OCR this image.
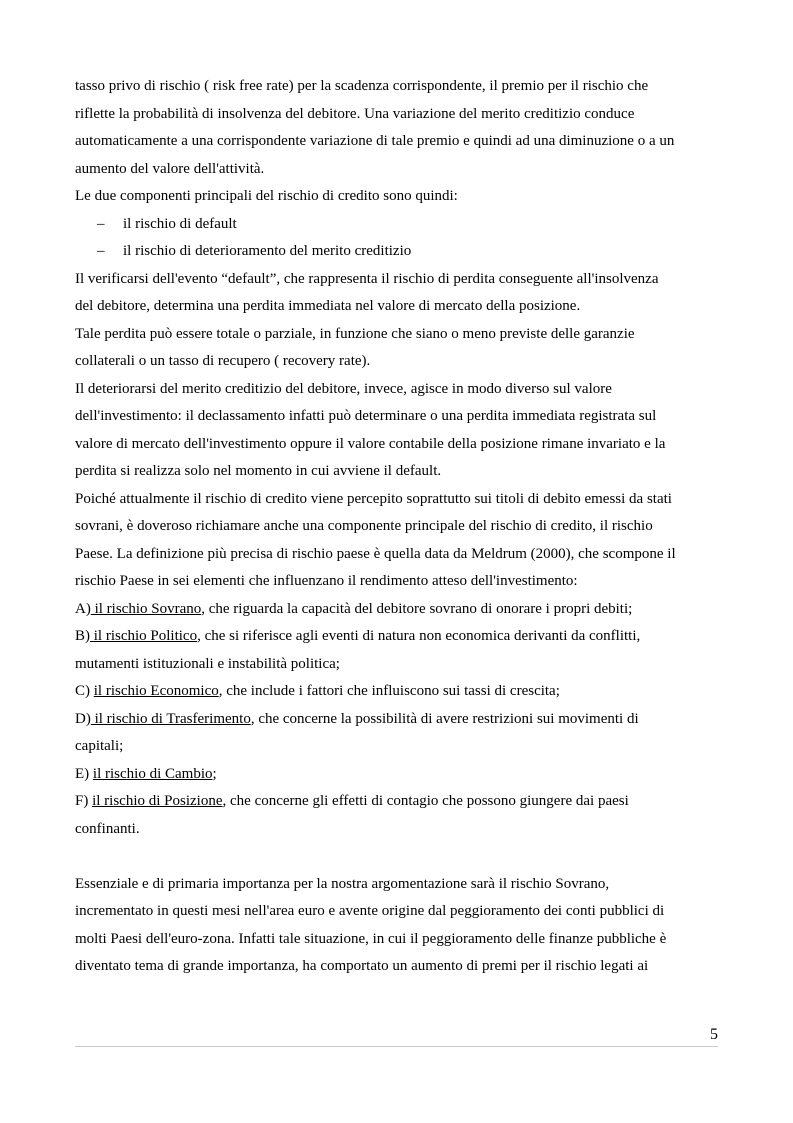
tasso privo di rischio ( risk free rate) per la scadenza corrispondente, il premio per il rischio che
riflette la probabilità di insolvenza del debitore. Una variazione del merito creditizio conduce
automaticamente a una corrispondente variazione di tale premio e quindi ad una diminuzione o a un
aumento del valore dell'attività.
Le due componenti principali del rischio di credito sono quindi:
– il rischio di default
– il rischio di deterioramento del merito creditizio
Il verificarsi dell'evento “default”, che rappresenta il rischio di perdita conseguente all'insolvenza
del debitore, determina una perdita immediata nel valore di mercato della posizione.
Tale perdita può essere totale o parziale, in funzione che siano o meno previste delle garanzie
collaterali o un tasso di recupero ( recovery rate).
Il deteriorarsi del merito creditizio del debitore, invece, agisce in modo diverso sul valore
dell'investimento: il declassamento infatti può determinare o una perdita immediata registrata sul
valore di mercato dell'investimento oppure il valore contabile della posizione rimane invariato e la
perdita si realizza solo nel momento in cui avviene il default.
Poiché attualmente il rischio di credito viene percepito soprattutto sui titoli di debito emessi da stati
sovrani, è doveroso richiamare anche una componente principale del rischio di credito, il rischio
Paese. La definizione più precisa di rischio paese è quella data da Meldrum (2000), che scompone il
rischio Paese in sei elementi che influenzano il rendimento atteso dell'investimento:
A) il rischio Sovrano, che riguarda la capacità del debitore sovrano di onorare i propri debiti;
B) il rischio Politico, che si riferisce agli eventi di natura non economica derivanti da conflitti,
mutamenti istituzionali e instabilità politica;
C) il rischio Economico, che include i fattori che influiscono sui tassi di crescita;
D) il rischio di Trasferimento, che concerne la possibilità di avere restrizioni sui movimenti di
capitali;
E) il rischio di Cambio;
F) il rischio di Posizione, che concerne gli effetti di contagio che possono giungere dai paesi
confinanti.
Essenziale e di primaria importanza per la nostra argomentazione sarà il rischio Sovrano,
incrementato in questi mesi nell'area euro e avente origine dal peggioramento dei conti pubblici di
molti Paesi dell'euro-zona. Infatti tale situazione, in cui il peggioramento delle finanze pubbliche è
diventato tema di grande importanza, ha comportato un aumento di premi per il rischio legati ai
5
